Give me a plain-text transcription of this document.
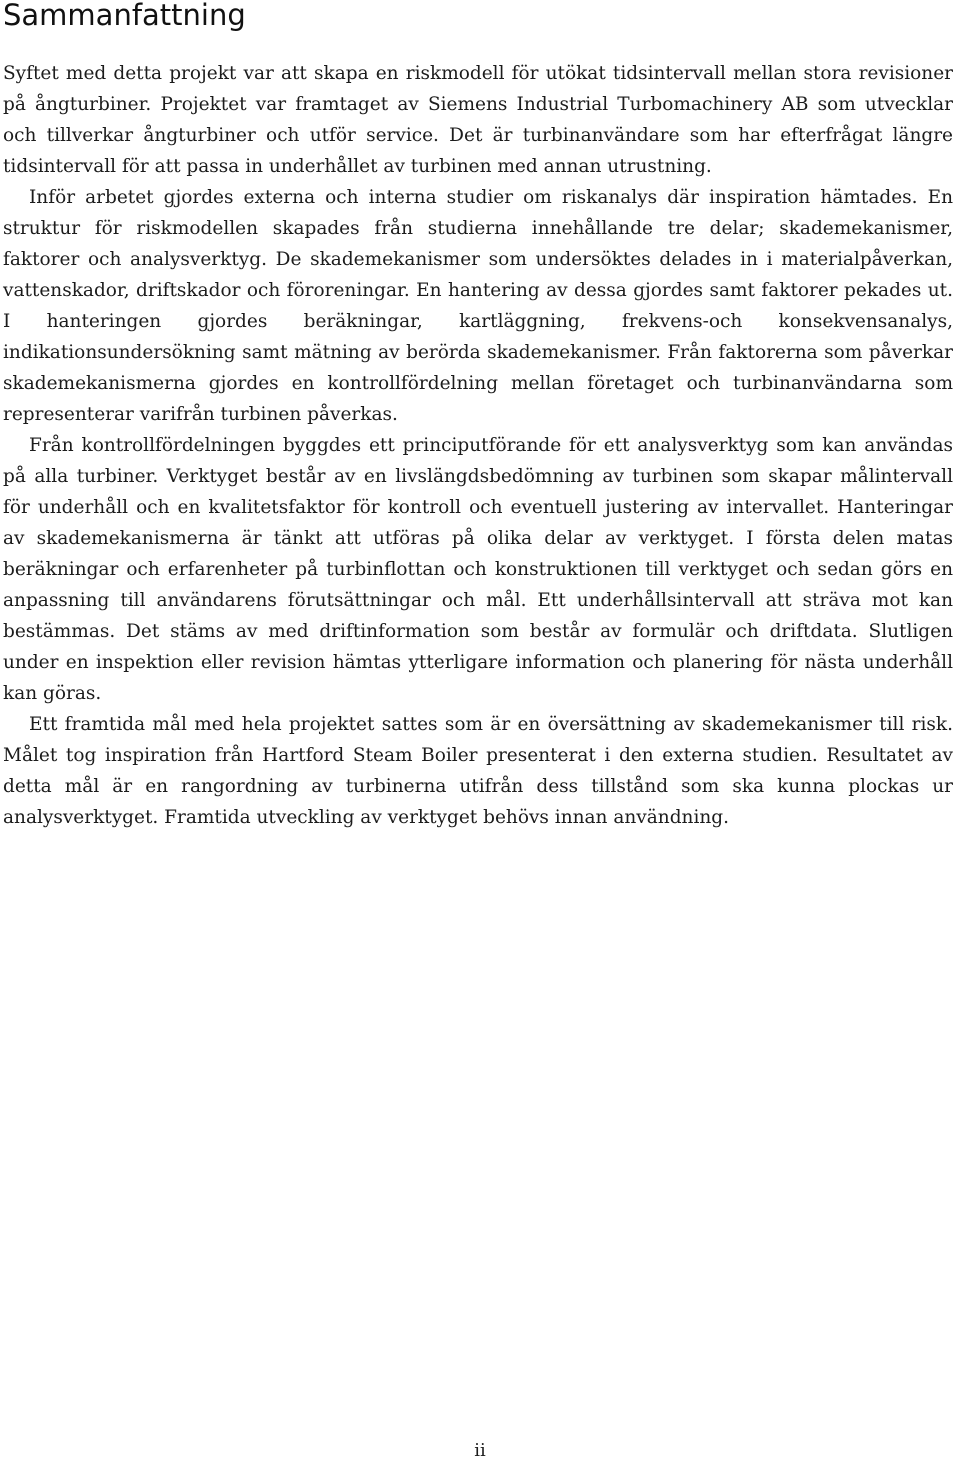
Sammanfattning

Syftet med detta projekt var att skapa en riskmodell för utökat tidsintervall mellan stora revisioner på ångturbiner. Projektet var framtaget av Siemens Industrial Turbomachinery AB som utvecklar och tillverkar ångturbiner och utför service. Det är turbinanvändare som har efterfrågat längre tidsintervall för att passa in underhållet av turbinen med annan utrustning.

Inför arbetet gjordes externa och interna studier om riskanalys där inspiration hämtades. En struktur för riskmodellen skapades från studierna innehållande tre delar; skademekanismer, faktorer och analysverktyg. De skademekanismer som undersöktes delades in i materialpåverkan, vattenskador, driftskador och föroreningar. En hantering av dessa gjordes samt faktorer pekades ut. I hanteringen gjordes beräkningar, kartläggning, frekvens-och konsekvensanalys, indikationsundersökning samt mätning av berörda skademekanismer. Från faktorerna som påverkar skademekanismerna gjordes en kontrollfördelning mellan företaget och turbinanvändarna som representerar varifrån turbinen påverkas.

Från kontrollfördelningen byggdes ett principutförande för ett analysverktyg som kan användas på alla turbiner. Verktyget består av en livslängdsbedömning av turbinen som skapar målintervall för underhåll och en kvalitetsfaktor för kontroll och eventuell justering av intervallet. Hanteringar av skademekanismerna är tänkt att utföras på olika delar av verktyget. I första delen matas beräkningar och erfarenheter på turbinflottan och konstruktionen till verktyget och sedan görs en anpassning till användarens förutsättningar och mål. Ett underhållsintervall att sträva mot kan bestämmas. Det stäms av med driftinformation som består av formulär och driftdata. Slutligen under en inspektion eller revision hämtas ytterligare information och planering för nästa underhåll kan göras.

Ett framtida mål med hela projektet sattes som är en översättning av skademekanismer till risk. Målet tog inspiration från Hartford Steam Boiler presenterat i den externa studien. Resultatet av detta mål är en rangordning av turbinerna utifrån dess tillstånd som ska kunna plockas ur analysverktyget. Framtida utveckling av verktyget behövs innan användning.

ii
